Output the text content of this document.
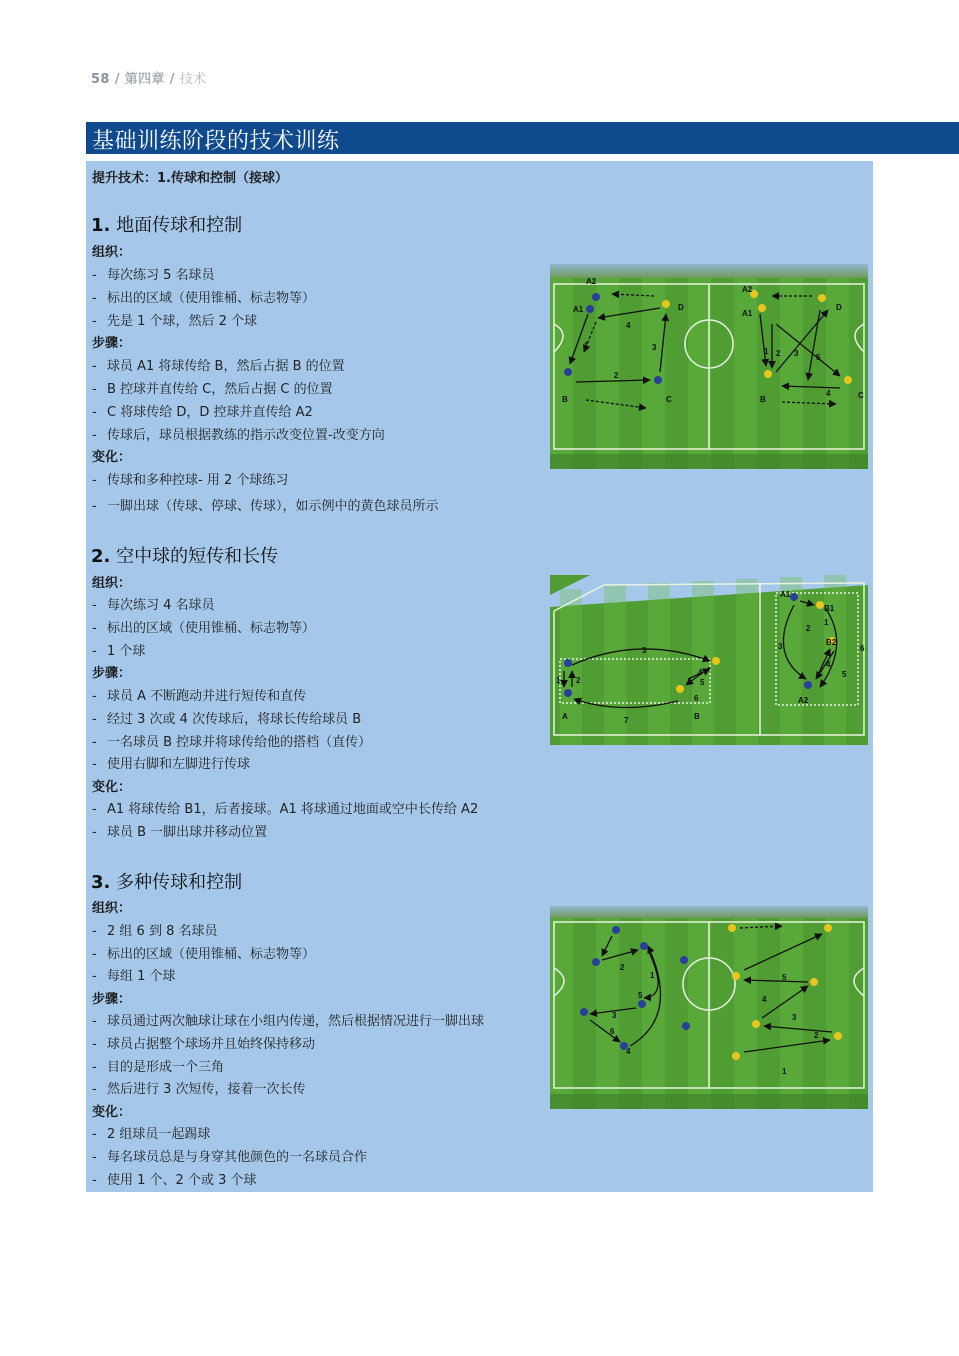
58 / 第四章 / 技术
基础训练阶段的技术训练
提升技术：1.传球和控制（接球）
1. 地面传球和控制
组织：
- 每次练习 5 名球员
- 标出的区域（使用锥桶、标志物等）
- 先是 1 个球，然后 2 个球
步骤：
- 球员 A1 将球传给 B，然后占据 B 的位置
- B 控球并直传给 C，然后占据 C 的位置
- C 将球传给 D，D 控球并直传给 A2
- 传球后，球员根据教练的指示改变位置-改变方向
变化：
- 传球和多种控球- 用 2 个球练习
- 一脚出球（传球、停球、传球），如示例中的黄色球员所示
2. 空中球的短传和长传
组织：
- 每次练习 4 名球员
- 标出的区域（使用锥桶、标志物等）
- 1 个球
步骤：
- 球员 A 不断跑动并进行短传和直传
- 经过 3 次或 4 次传球后，将球长传给球员 B
- 一名球员 B 控球并将球传给他的搭档（直传）
- 使用右脚和左脚进行传球
变化：
- A1 将球传给 B1，后者接球。A1 将球通过地面或空中长传给 A2
- 球员 B 一脚出球并移动位置
3. 多种传球和控制
组织：
- 2 组 6 到 8 名球员
- 标出的区域（使用锥桶、标志物等）
- 每组 1 个球
步骤：
- 球员通过两次触球让球在小组内传递，然后根据情况进行一脚出球
- 球员占据整个球场并且始终保持移动
- 目的是形成一个三角
- 然后进行 3 次短传，接着一次长传
变化：
- 2 组球员一起踢球
- 每名球员总是与身穿其他颜色的一名球员合作
- 使用 1 个、2 个或 3 个球
A2
A1	D
4
1	3
2
B	C
A2
A1
D
1 2 3
4
5
B	C
3
1 2
4
5
6
7
A	B
A1
B1
2
B2
3
4
5
6
A2
1
1
2
3
4
5
6
1
2
3
4
5
